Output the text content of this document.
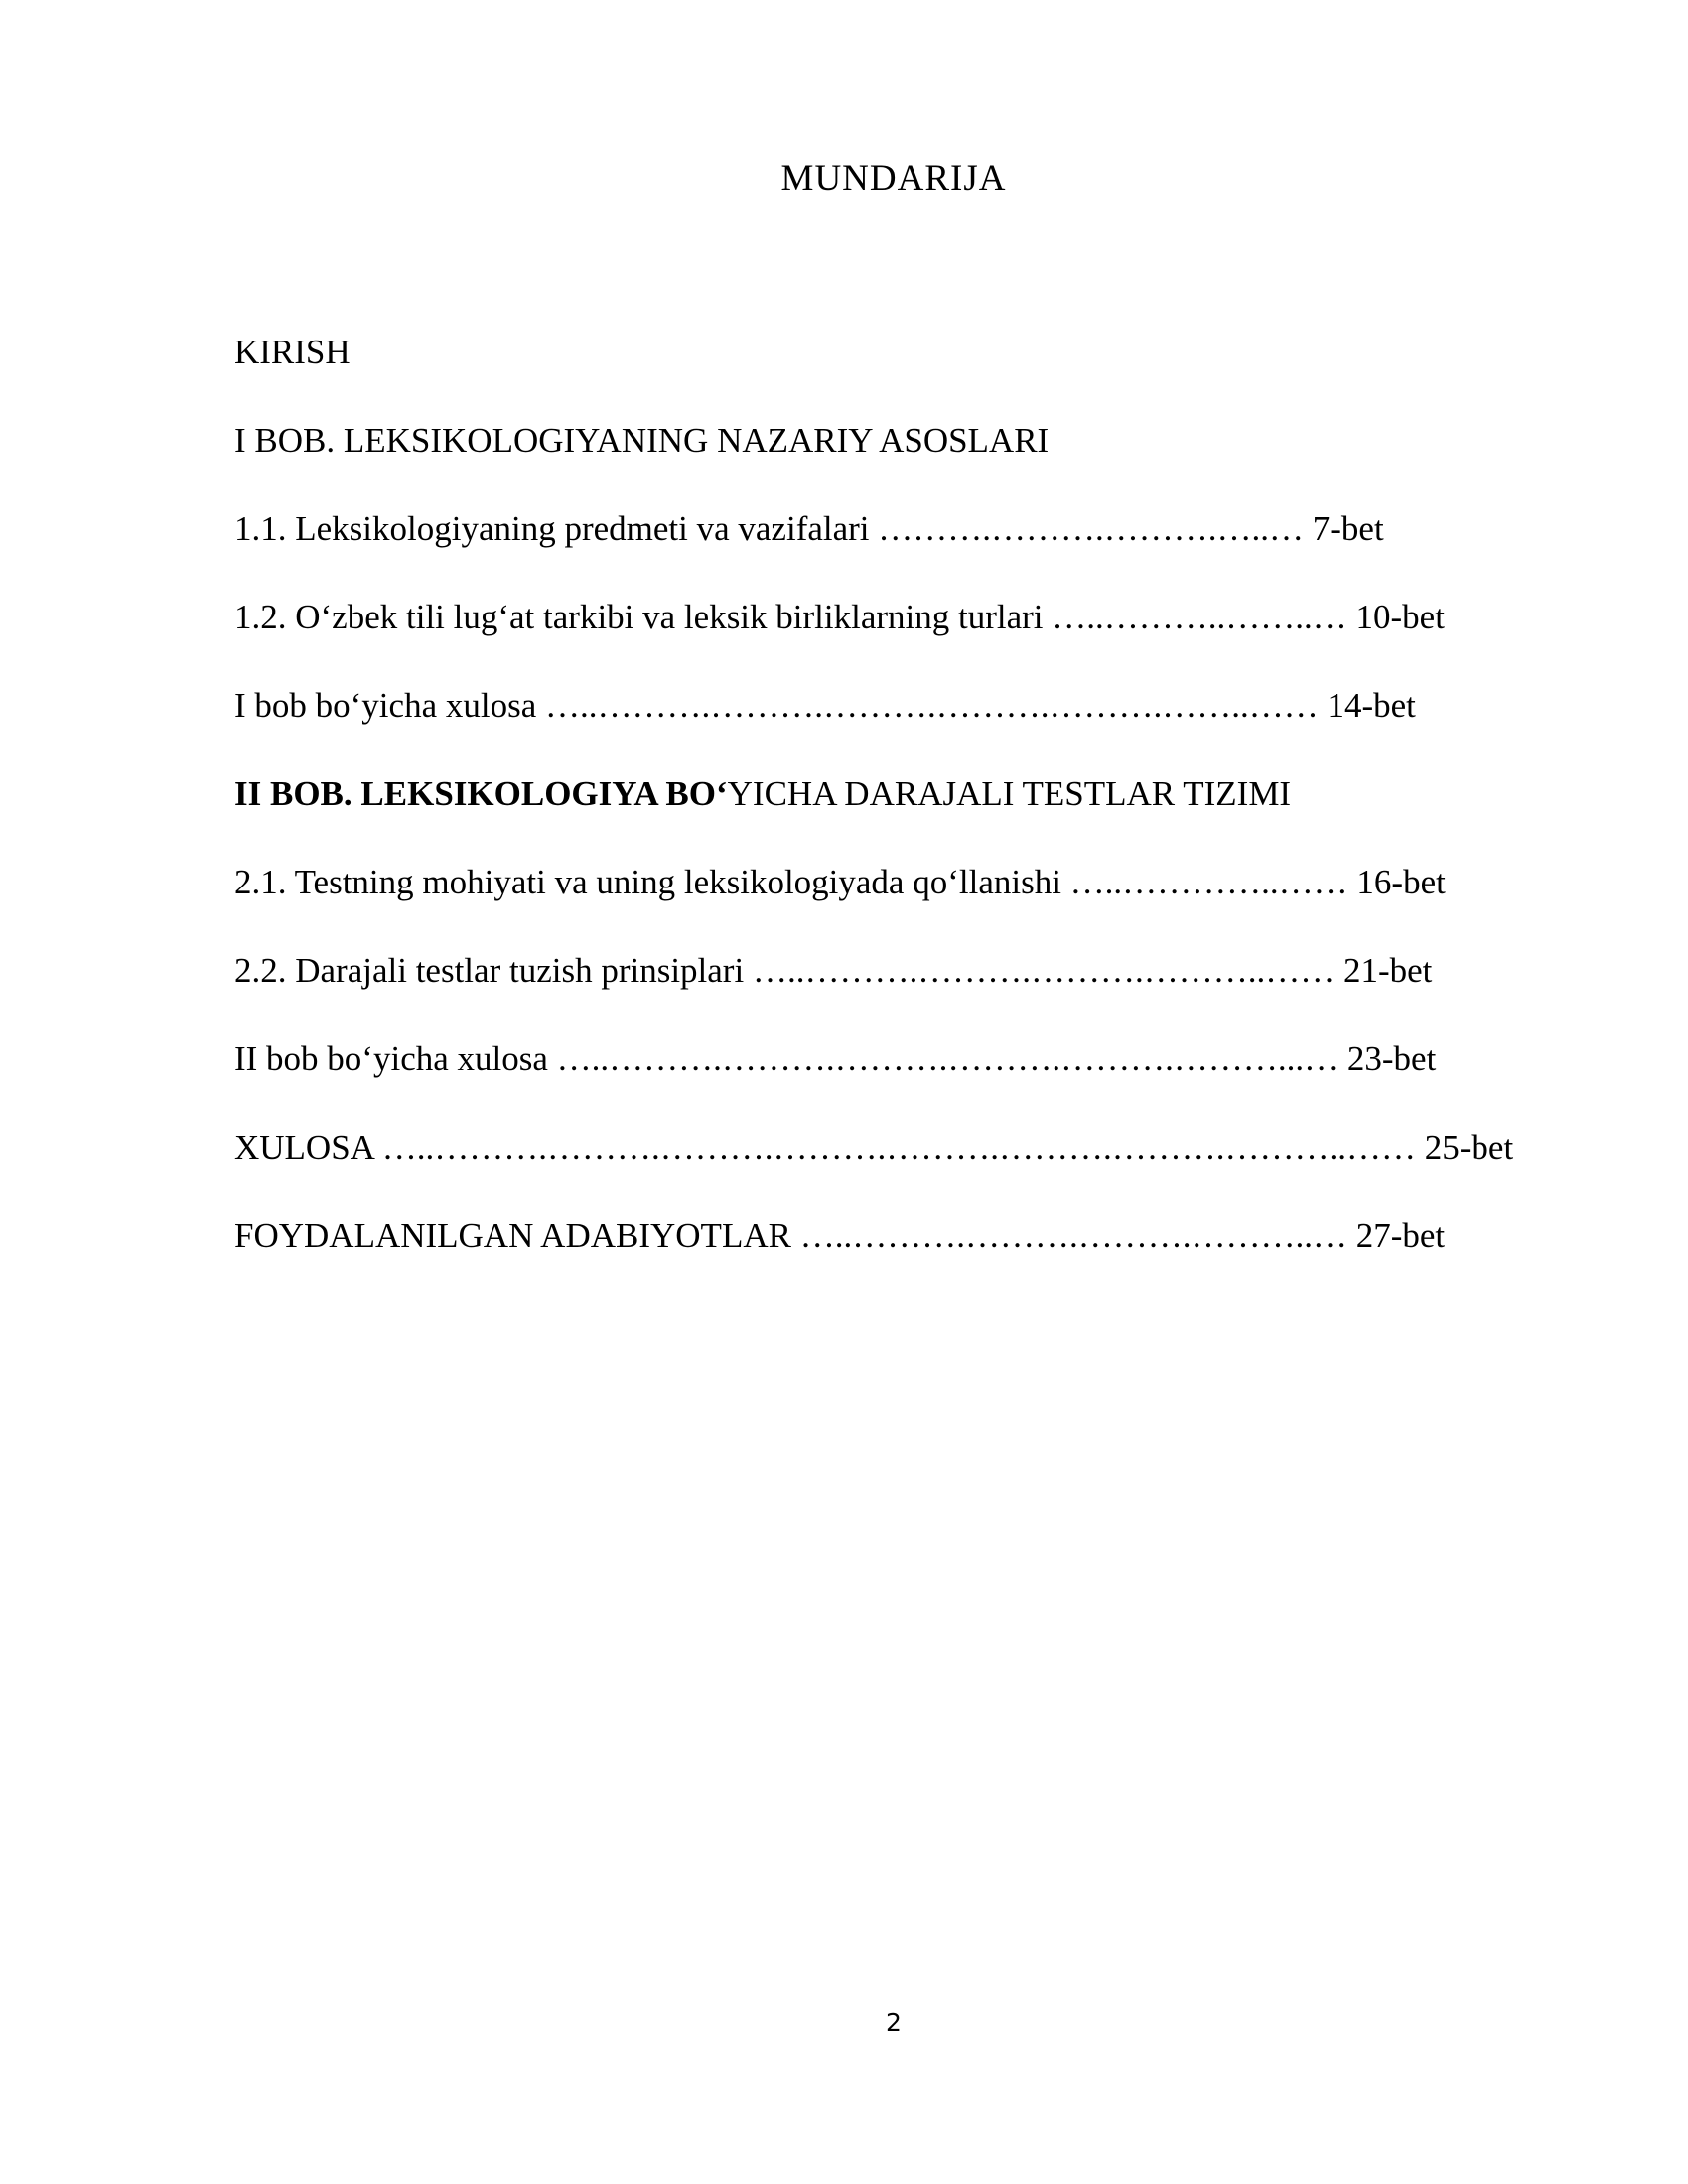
MUNDARIJA
KIRISH
I BOB. LEKSIKOLOGIYANING NAZARIY ASOSLARI
1.1. Leksikologiyaning predmeti va vazifalari ……….……….……….…..… 7-bet
1.2. O‘zbek tili lug‘at tarkibi va leksik birliklarning turlari …..………..……..… 10-bet
I bob bo‘yicha xulosa …..……….……….……….……….……….……..…… 14-bet
II BOB. LEKSIKOLOGIYA BO‘YICHA DARAJALI TESTLAR TIZIMI
2.1. Testning mohiyati va uning leksikologiyada qo‘llanishi …..…………..…… 16-bet
2.2. Darajali testlar tuzish prinsiplari …..……….……….……….………..…… 21-bet
II bob bo‘yicha xulosa …..……….……….……….……….……….………...… 23-bet
XULOSA …..……….……….……….……….……….……….……….………..…… 25-bet
FOYDALANILGAN ADABIYOTLAR …..……….……….……….………..… 27-bet
2
